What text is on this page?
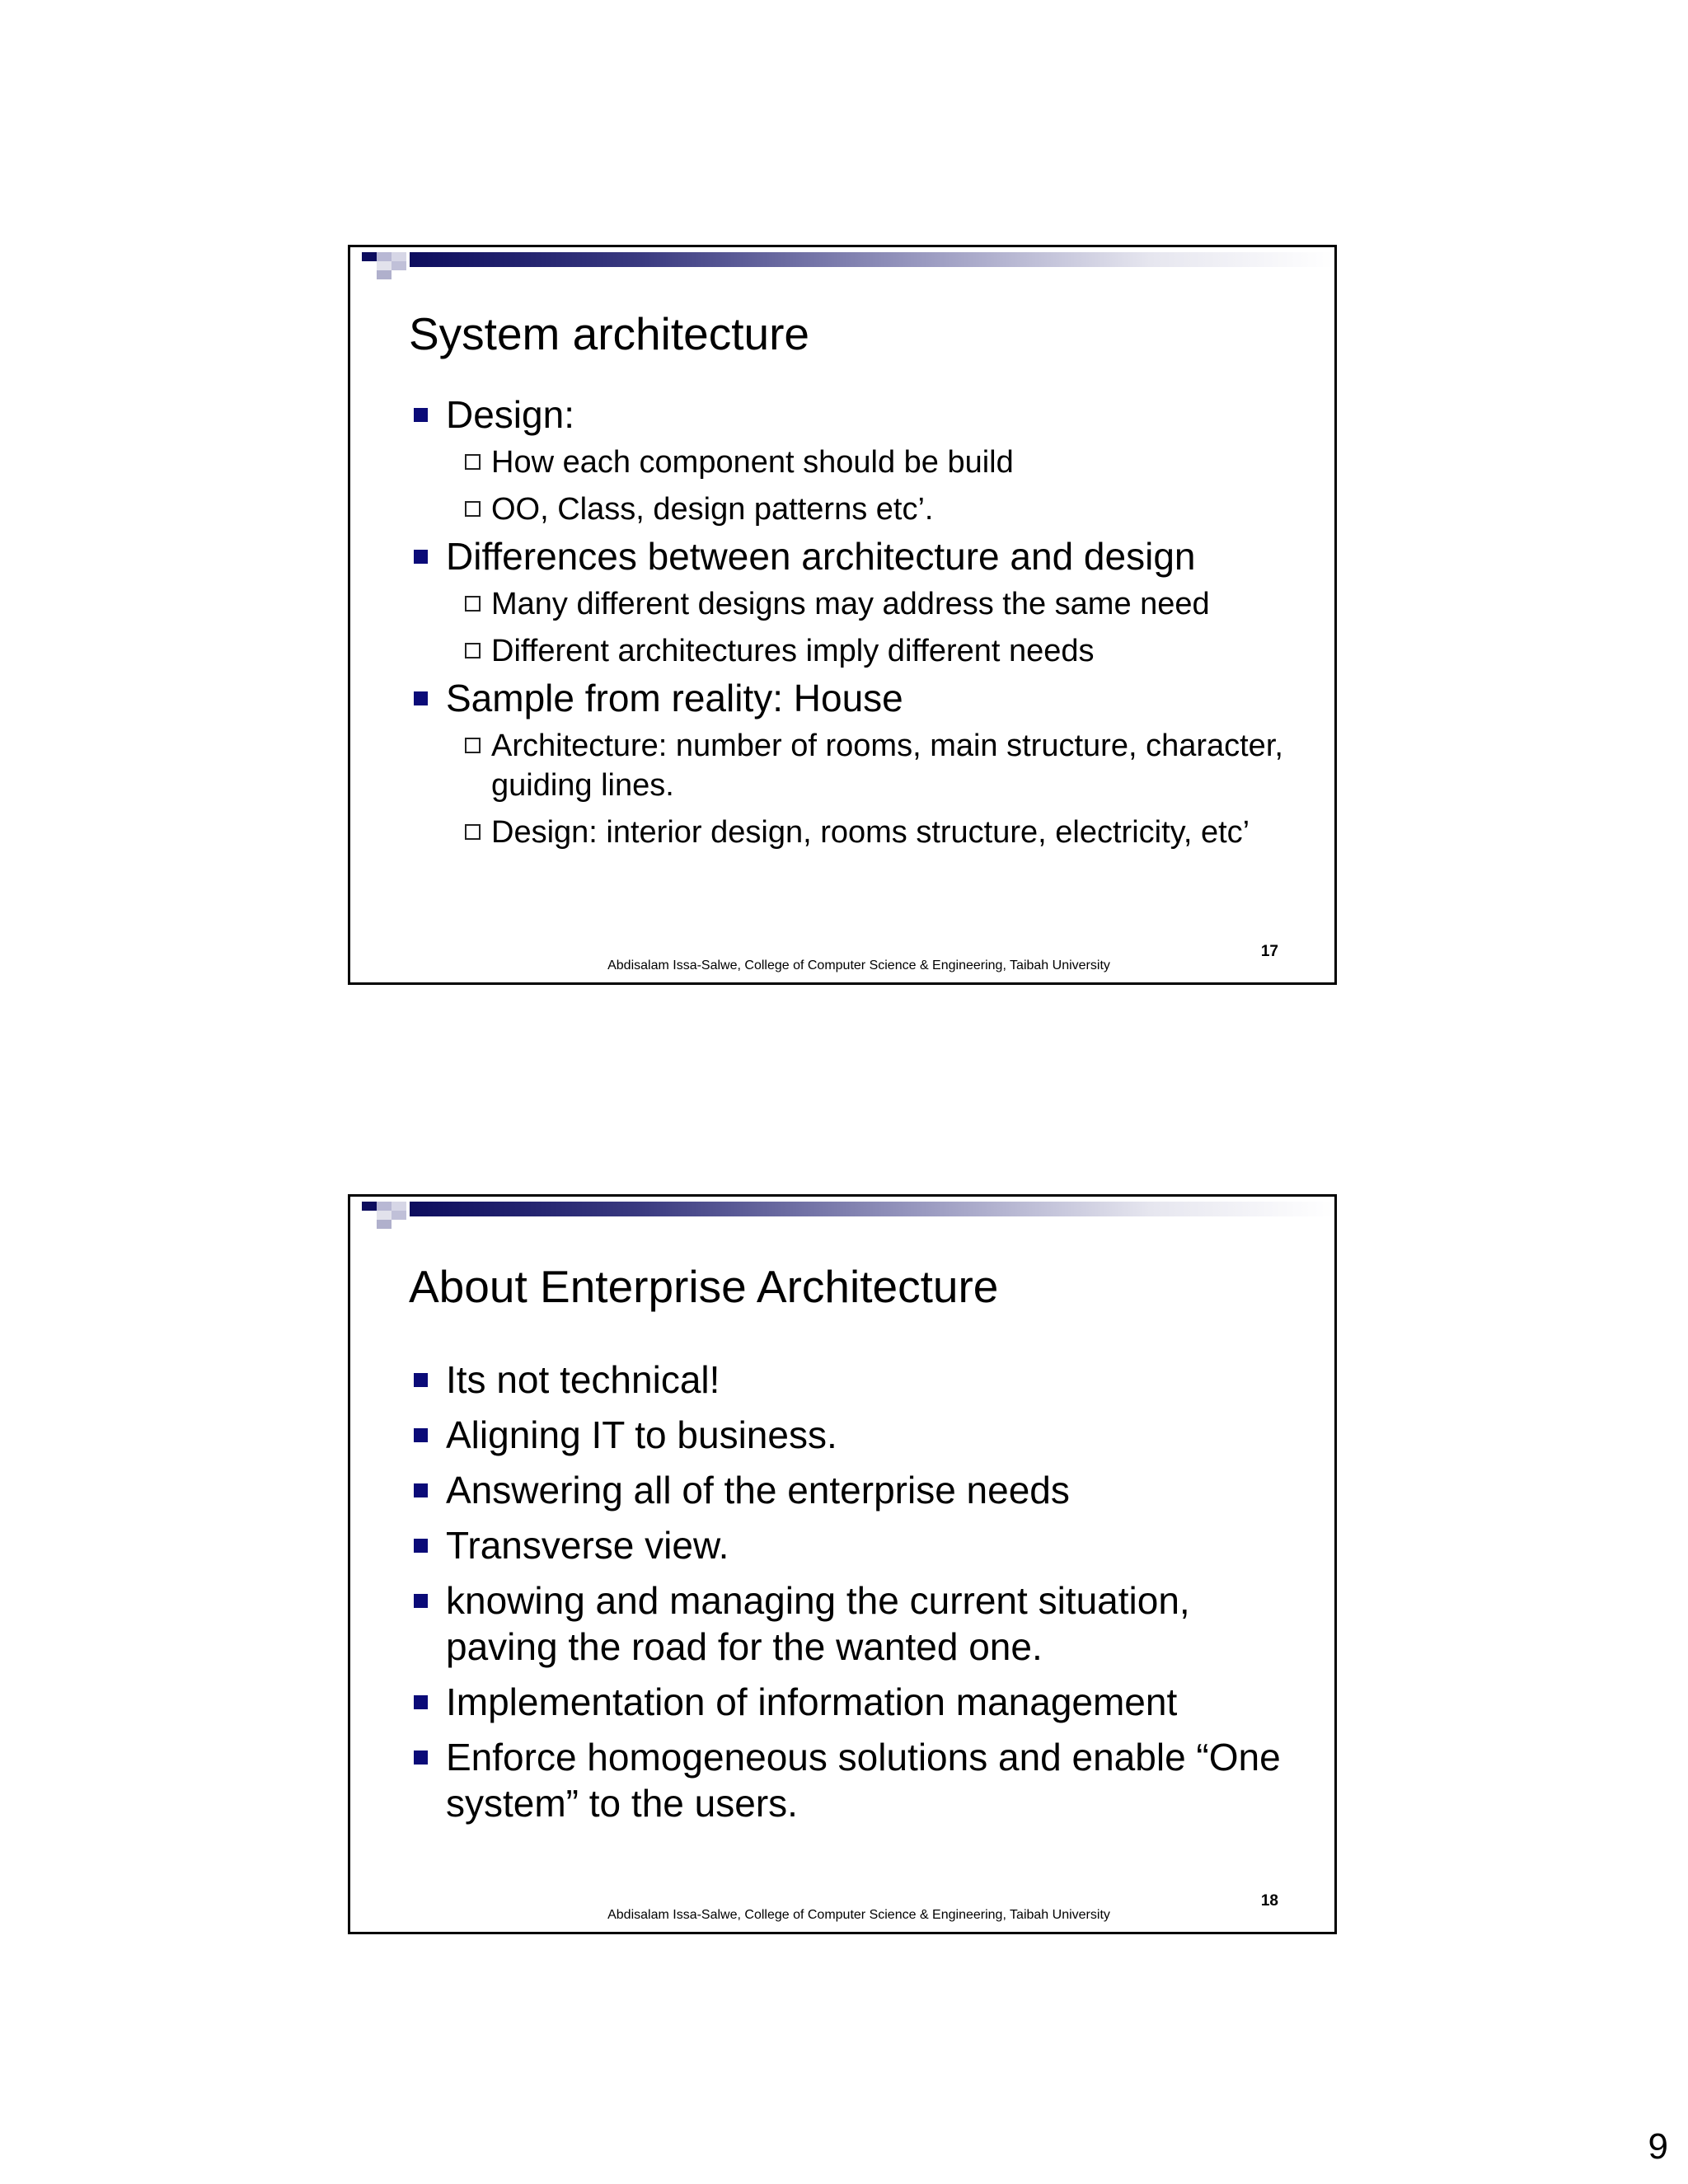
System architecture
Design:
How each component should be build
OO, Class, design patterns etc’.
Differences between architecture and design
Many different designs may address the same need
Different architectures imply different needs
Sample from reality: House
Architecture: number of rooms, main structure, character, guiding lines.
Design: interior design, rooms structure, electricity, etc’
Abdisalam Issa-Salwe, College of Computer Science & Engineering, Taibah University
17
About Enterprise Architecture
Its not technical!
Aligning IT to business.
Answering all of the enterprise needs
Transverse view.
knowing and managing the current situation, paving the road for the wanted one.
Implementation of information management
Enforce homogeneous solutions and enable “One system” to the users.
Abdisalam Issa-Salwe, College of Computer Science & Engineering, Taibah University
18
9
